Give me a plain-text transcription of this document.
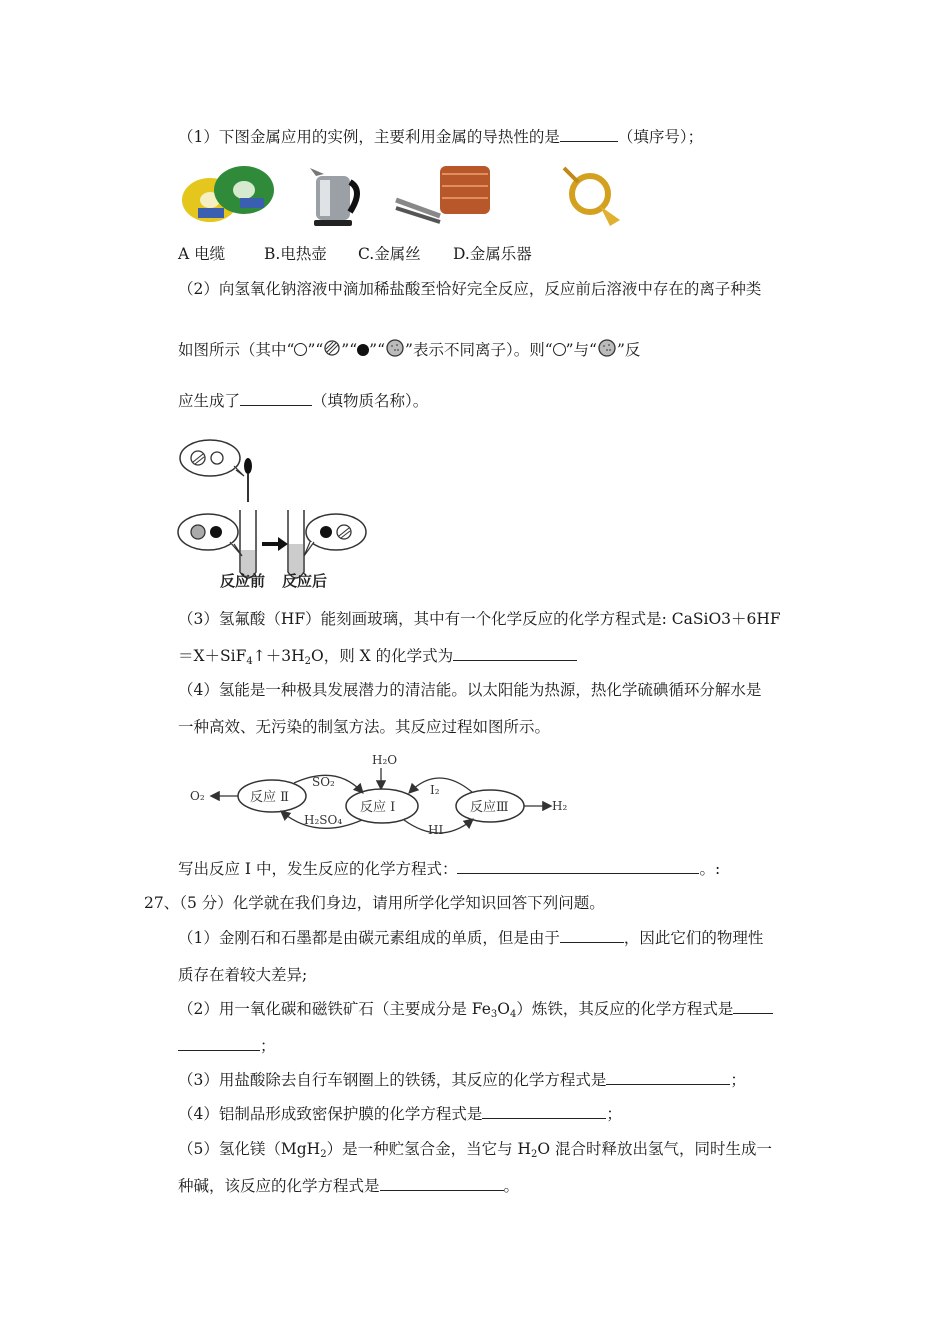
（1）下图金属应用的实例，主要利用金属的导热性的是	（填序号）；
A 电缆	B.电热壶 C.金属丝 D.金属乐器
（2）向氢氧化钠溶液中滴加稀盐酸至恰好完全反应，反应前后溶液中存在的离子种类
如图所示（其中“ ”“ ”“ ”“ ”表示不同离子）。则“ ”与“ ”反
应生成了	（填物质名称）。
反应前 反应后
（3）氢氟酸（HF）能刻画玻璃，其中有一个化学反应的化学方程式是: CaSiO3＋6HF
$=X+SiF_4↑+3H_2O$，则 X 的化学式为
（4）氢能是一种极具发展潜力的清洁能。以太阳能为热源，热化学硫碘循环分解水是
一种高效、无污染的制氢方法。其反应过程如图所示。
H₂O
反应 Ⅱ
反应 Ⅰ	反应Ⅲ
O₂
H₂
SO₂
H₂SO₄
I₂
HI
写出反应 I 中，发生反应的化学方程式：	。:
27、（5 分）化学就在我们身边，请用所学化学知识回答下列问题。
（1）金刚石和石墨都是由碳元素组成的单质，但是由于	，因此它们的物理性
质存在着较大差异;
（2）用一氧化碳和磁铁矿石（主要成分是 $Fe_3O_4$）炼铁，其反应的化学方程式是
；
（3）用盐酸除去自行车钢圈上的铁锈，其反应的化学方程式是	；
（4）铝制品形成致密保护膜的化学方程式是	；
（5）氢化镁（MgH$_2$）是一种贮氢合金，当它与 $H_2O$ 混合时释放出氢气，同时生成一
种碱，该反应的化学方程式是	。
